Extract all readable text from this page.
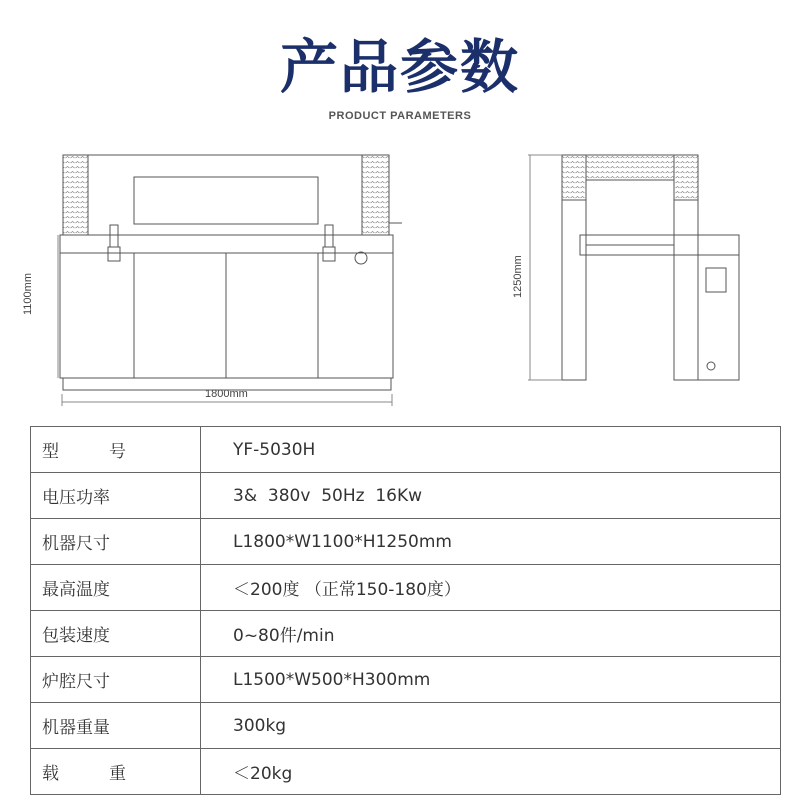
产品参数
PRODUCT PARAMETERS
1800mm
1100mm	1250mm
型 号	YF-5030H
电压功率	3&  380v  50Hz  16Kw
机器尺寸	L1800*W1100*H1250mm
最高温度	＜200度 （正常150-180度）
包装速度	0~80件/min
炉腔尺寸	L1500*W500*H300mm
机器重量	300kg

载 重	＜20kg
